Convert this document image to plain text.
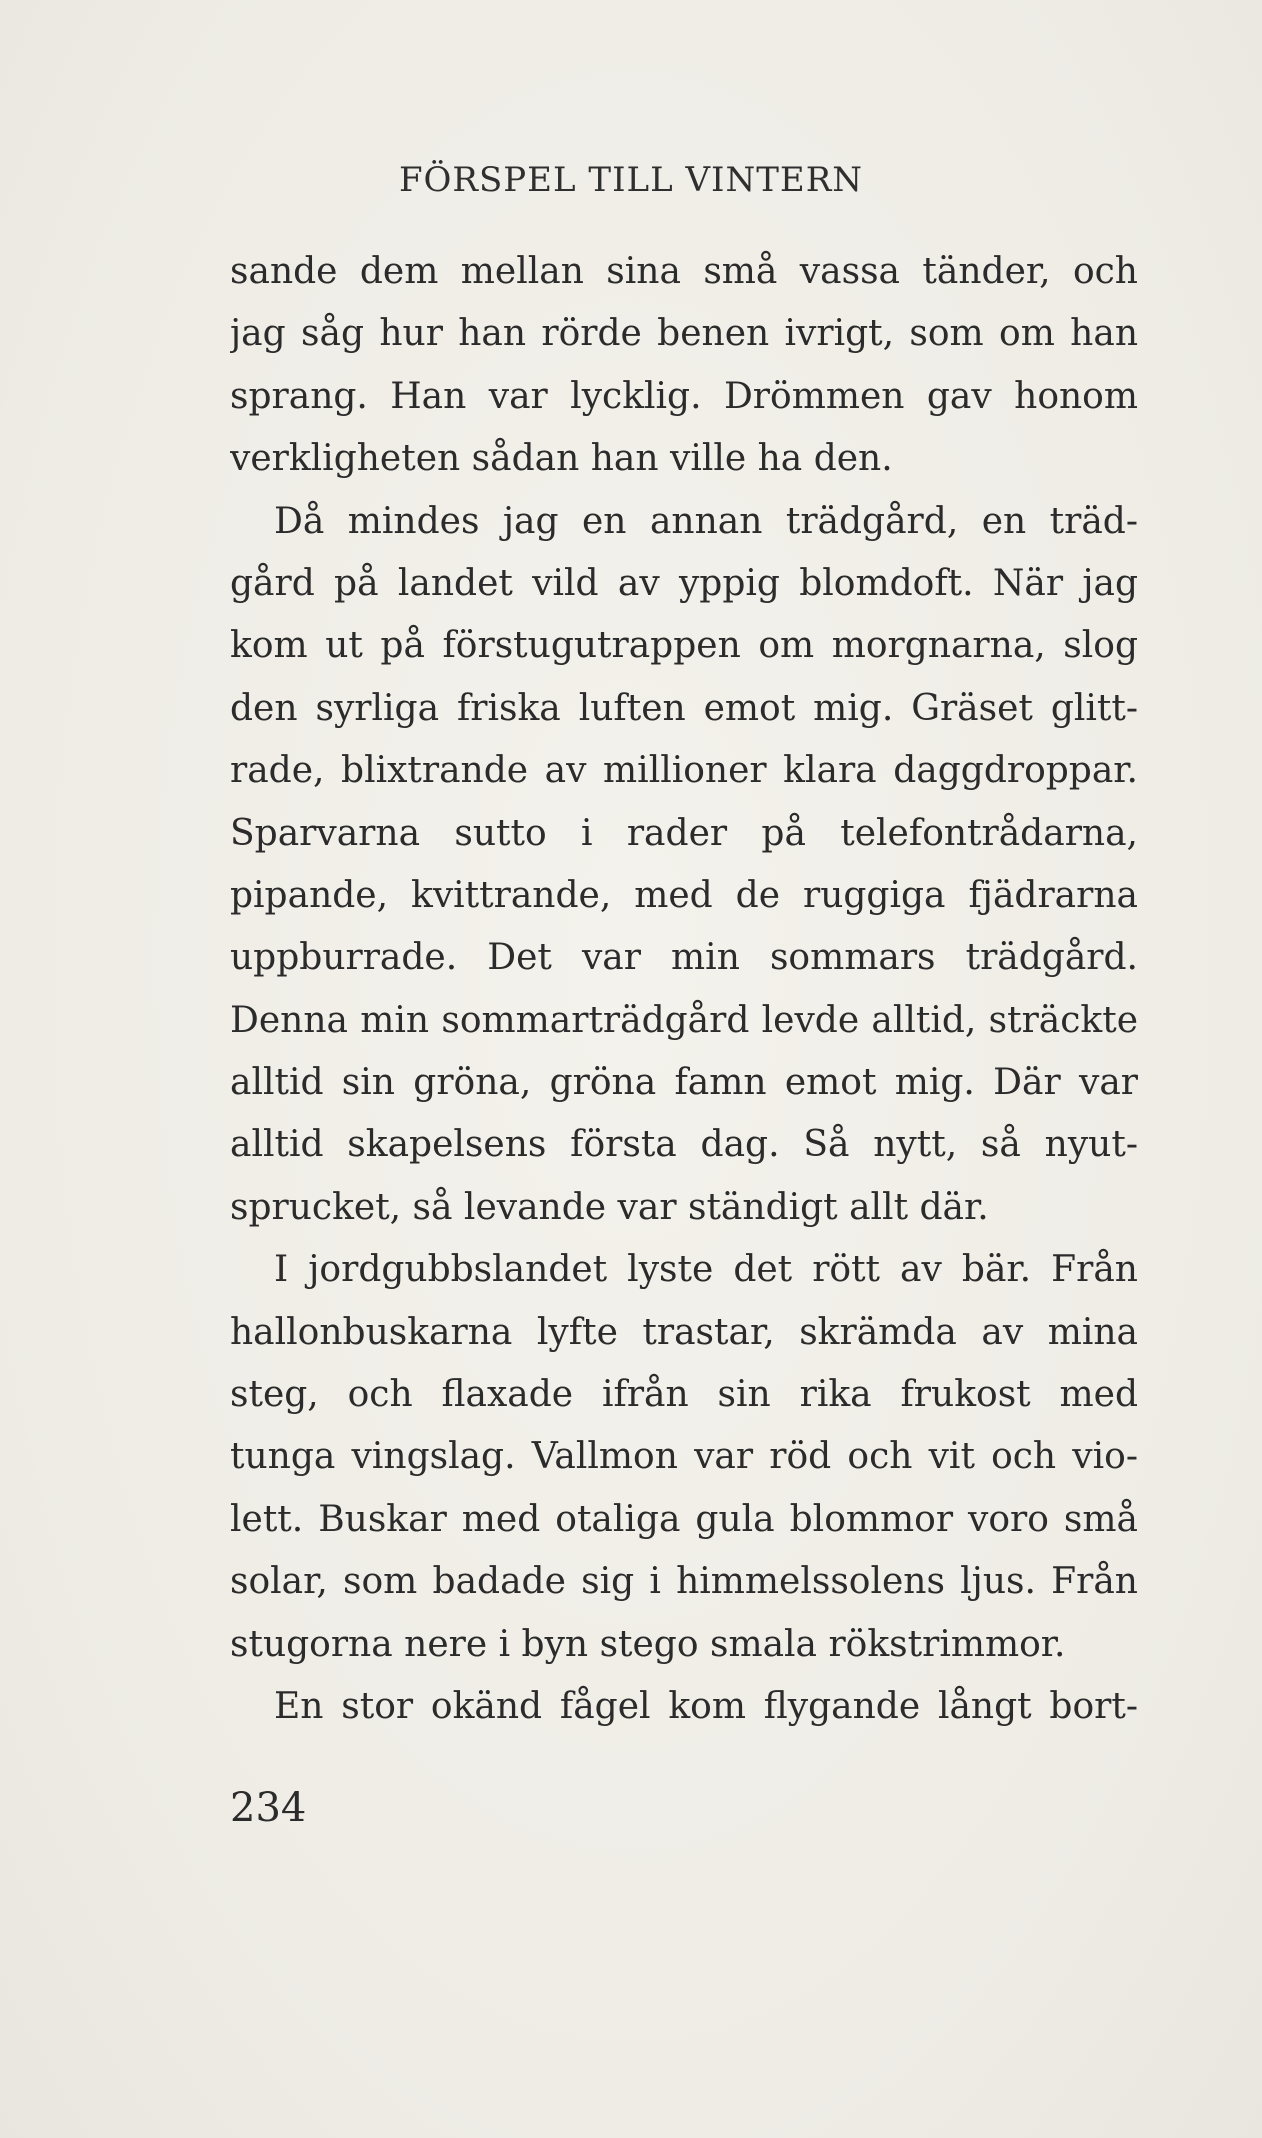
FÖRSPEL TILL VINTERN
sande dem mellan sina små vassa tänder, och
jag såg hur han rörde benen ivrigt, som om han
sprang. Han var lycklig. Drömmen gav honom
verkligheten sådan han ville ha den.
Då mindes jag en annan trädgård, en träd-
gård på landet vild av yppig blomdoft. När jag
kom ut på förstugutrappen om morgnarna, slog
den syrliga friska luften emot mig. Gräset glitt-
rade, blixtrande av millioner klara daggdroppar.
Sparvarna sutto i rader på telefontrådarna,
pipande, kvittrande, med de ruggiga fjädrarna
uppburrade. Det var min sommars trädgård.
Denna min sommarträdgård levde alltid, sträckte
alltid sin gröna, gröna famn emot mig. Där var
alltid skapelsens första dag. Så nytt, så nyut-
sprucket, så levande var ständigt allt där.
I jordgubbslandet lyste det rött av bär. Från
hallonbuskarna lyfte trastar, skrämda av mina
steg, och flaxade ifrån sin rika frukost med
tunga vingslag. Vallmon var röd och vit och vio-
lett. Buskar med otaliga gula blommor voro små
solar, som badade sig i himmelssolens ljus. Från
stugorna nere i byn stego smala rökstrimmor.
En stor okänd fågel kom flygande långt bort-
234
